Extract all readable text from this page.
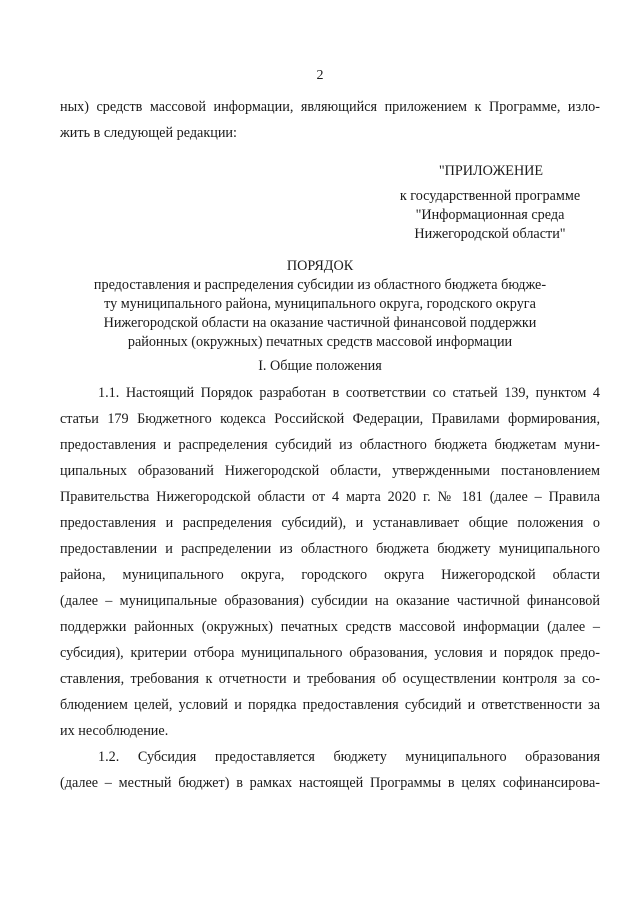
2
ных) средств массовой информации, являющийся приложением к Программе, изло-
жить в следующей редакции:
"ПРИЛОЖЕНИЕ
к государственной программе
"Информационная среда
Нижегородской области"
ПОРЯДОК
предоставления и распределения субсидии из областного бюджета бюдже-
ту муниципального района, муниципального округа, городского округа
Нижегородской области на оказание частичной финансовой поддержки
районных (окружных) печатных средств массовой информации
I. Общие положения
1.1. Настоящий Порядок разработан в соответствии со статьей 139, пунктом 4
статьи 179 Бюджетного кодекса Российской Федерации, Правилами формирования,
предоставления и распределения субсидий из областного бюджета бюджетам муни-
ципальных образований Нижегородской области, утвержденными постановлением
Правительства Нижегородской области от 4 марта 2020 г. № 181 (далее – Правила
предоставления и распределения субсидий), и устанавливает общие положения о
предоставлении и распределении из областного бюджета бюджету муниципального
района, муниципального округа, городского округа Нижегородской области
(далее – муниципальные образования) субсидии на оказание частичной финансовой
поддержки районных (окружных) печатных средств массовой информации (далее –
субсидия), критерии отбора муниципального образования, условия и порядок предо-
ставления, требования к отчетности и требования об осуществлении контроля за со-
блюдением целей, условий и порядка предоставления субсидий и ответственности за
их несоблюдение.
1.2. Субсидия предоставляется бюджету муниципального образования
(далее – местный бюджет) в рамках настоящей Программы в целях софинансирова-
